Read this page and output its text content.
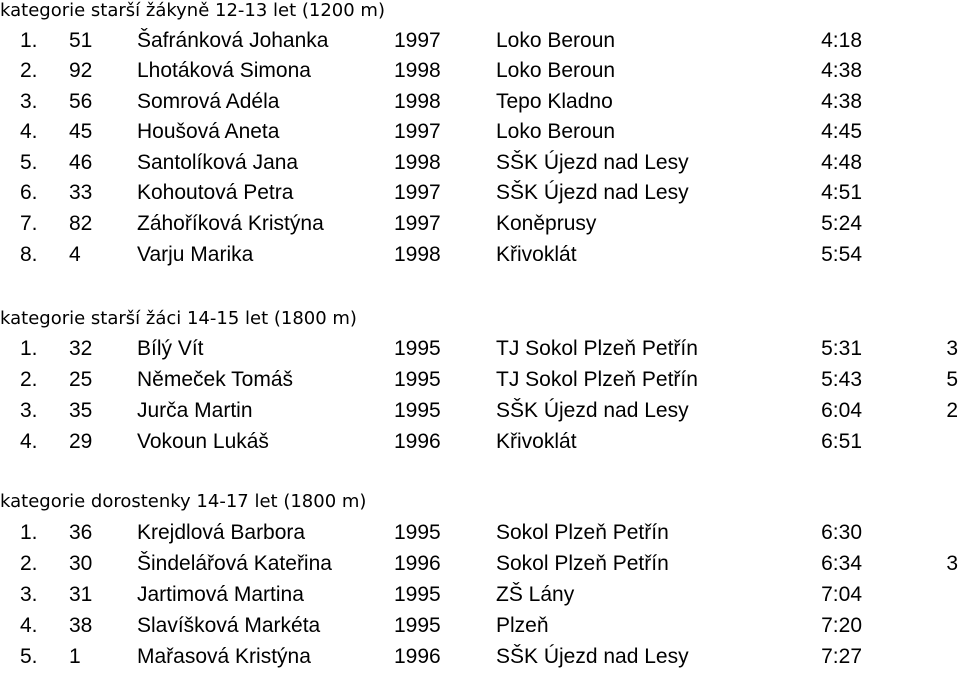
kategorie starší žákyně 12-13 let (1200 m)
1. 51 Šafránková Johanka	1997	Loko Beroun	4:18
2. 92 Lhotáková Simona	1998	Loko Beroun	4:38
3. 56 Somrová Adéla	1998	Tepo Kladno	4:38
4. 45 Houšová Aneta	1997	Loko Beroun	4:45
5. 46 Santolíková Jana	1998	SŠK Újezd nad Lesy	4:48
6. 33 Kohoutová Petra	1997	SŠK Újezd nad Lesy	4:51
7. 82 Záhoříková Kristýna	1997	Koněprusy	5:24
8. 4	Varju Marika	1998	Křivoklát	5:54
kategorie starší žáci 14-15 let (1800 m)
1. 32 Bílý Vít	1995	TJ Sokol Plzeň Petřín	5:31	3
2. 25 Němeček Tomáš	1995	TJ Sokol Plzeň Petřín	5:43	5
3. 35 Jurča Martin	1995	SŠK Újezd nad Lesy	6:04	2
4. 29 Vokoun Lukáš	1996	Křivoklát	6:51
kategorie dorostenky 14-17 let (1800 m)
1. 36 Krejdlová Barbora	1995	Sokol Plzeň Petřín	6:30
2. 30 Šindelářová Kateřina	1996	Sokol Plzeň Petřín	6:34	3
3. 31 Jartimová Martina	1995	ZŠ Lány	7:04
4. 38 Slavíšková Markéta	1995	Plzeň	7:20
5. 1	Mařasová Kristýna	1996	SŠK Újezd nad Lesy	7:27
